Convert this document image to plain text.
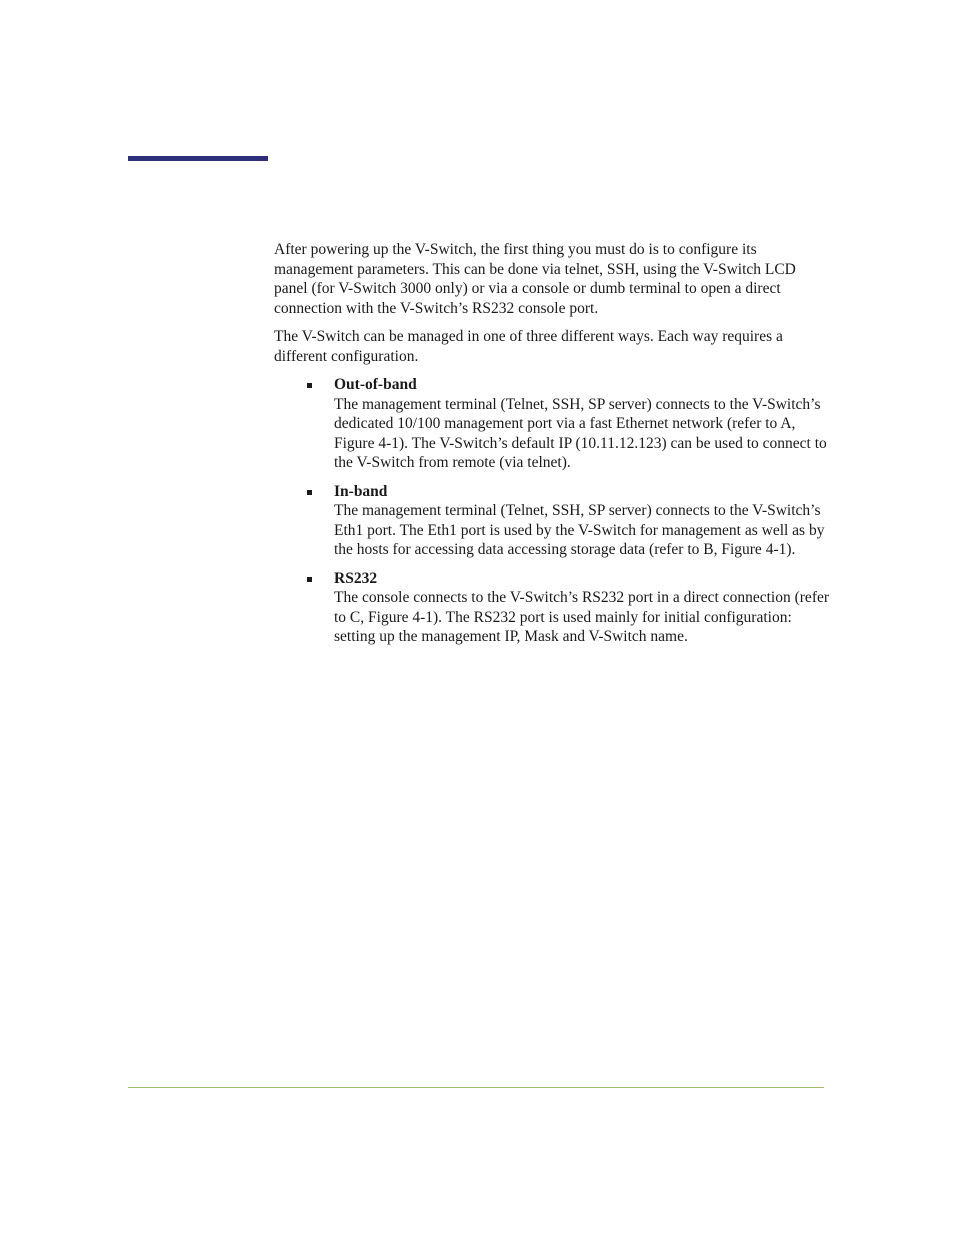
After powering up the V-Switch, the first thing you must do is to configure its management parameters. This can be done via telnet, SSH, using the V-Switch LCD panel (for V-Switch 3000 only) or via a console or dumb terminal to open a direct connection with the V-Switch’s RS232 console port.

The V-Switch can be managed in one of three different ways. Each way requires a different configuration.

Out-of-band
The management terminal (Telnet, SSH, SP server) connects to the V-Switch’s dedicated 10/100 management port via a fast Ethernet network (refer to A, Figure 4-1). The V-Switch’s default IP (10.11.12.123) can be used to connect to the V-Switch from remote (via telnet).
In-band
The management terminal (Telnet, SSH, SP server) connects to the V-Switch’s Eth1 port. The Eth1 port is used by the V-Switch for management as well as by the hosts for accessing data accessing storage data (refer to B, Figure 4-1).
RS232
The console connects to the V-Switch’s RS232 port in a direct connection (refer to C, Figure 4-1). The RS232 port is used mainly for initial configuration: setting up the management IP, Mask and V-Switch name.
